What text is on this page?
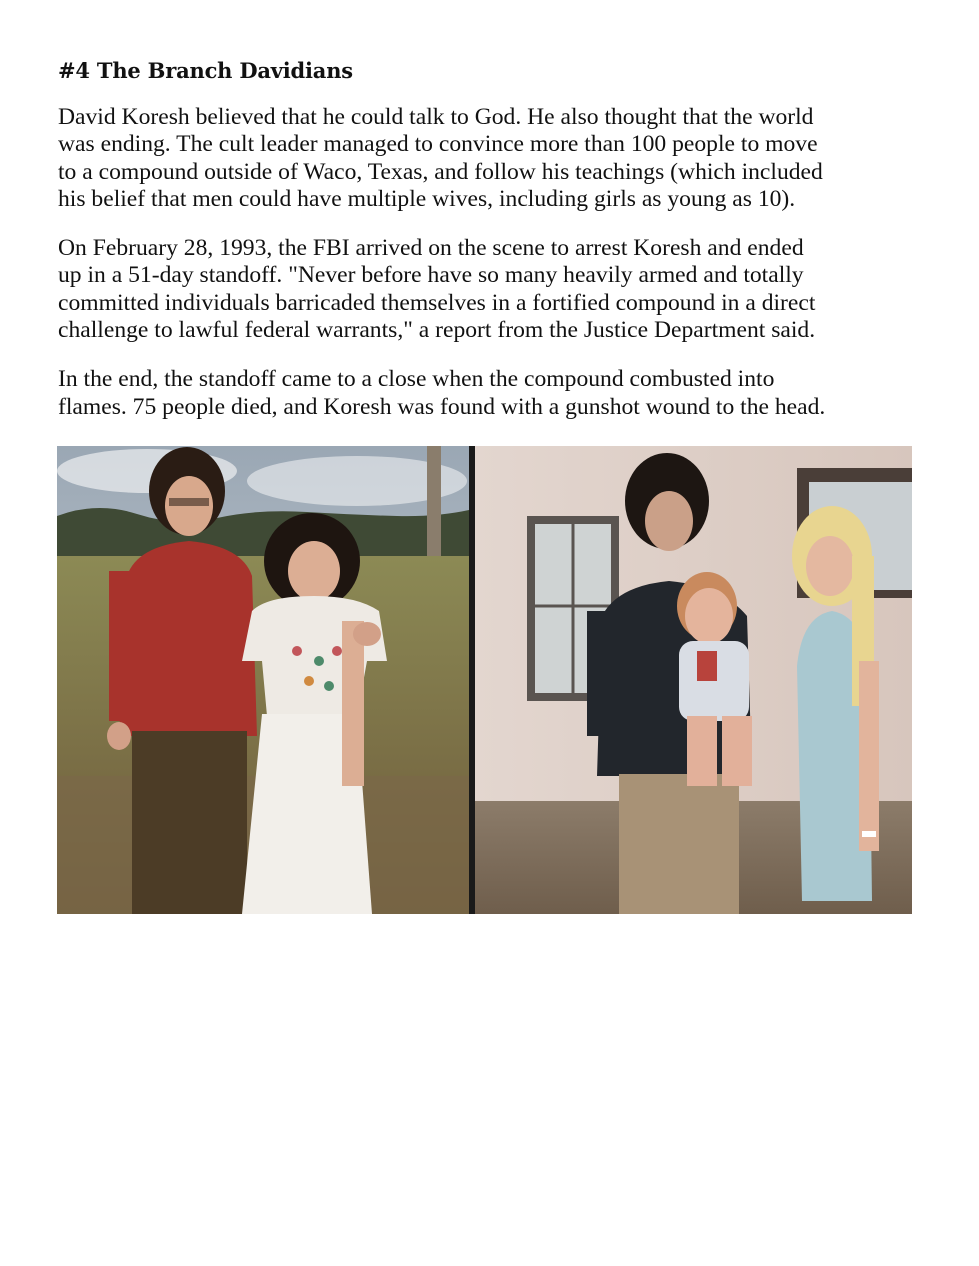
#4 The Branch Davidians

David Koresh believed that he could talk to God. He also thought that the world
was ending. The cult leader managed to convince more than 100 people to move
to a compound outside of Waco, Texas, and follow his teachings (which included
his belief that men could have multiple wives, including girls as young as 10).

On February 28, 1993, the FBI arrived on the scene to arrest Koresh and ended
up in a 51-day standoff. "Never before have so many heavily armed and totally
committed individuals barricaded themselves in a fortified compound in a direct
challenge to lawful federal warrants," a report from the Justice Department said.

In the end, the standoff came to a close when the compound combusted into
flames. 75 people died, and Koresh was found with a gunshot wound to the head.
